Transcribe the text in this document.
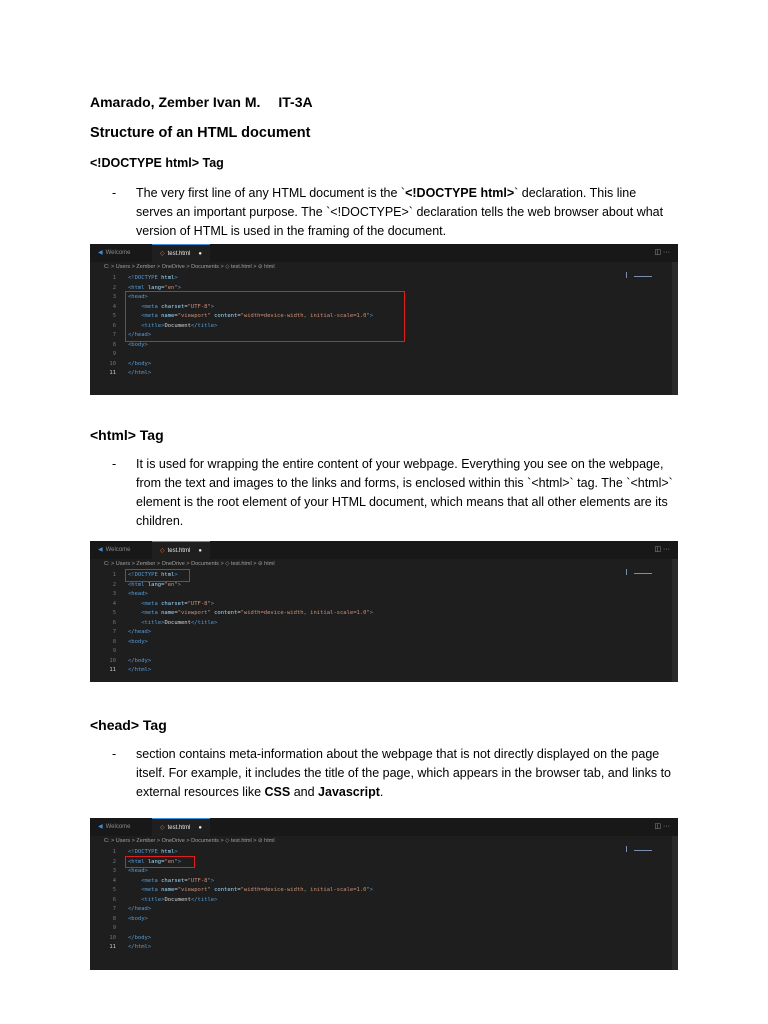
Amarado, Zember Ivan M. IT-3A
Structure of an HTML document
<!DOCTYPE html> Tag
- The very first line of any HTML document is the `<!DOCTYPE html>` declaration. This line serves an important purpose. The `<!DOCTYPE>` declaration tells the web browser about what version of HTML is used in the framing of the document.
◀ Welcome	◇ test.html ●	◫ ···
C: > Users > Zember > OneDrive > Documents > ◇ test.html > ⊘ html
1 <!DOCTYPE html>
2 <html lang="en">
3 <head>
4	<meta charset="UTF-8">
5	<meta name="viewport" content="width=device-width, initial-scale=1.0">
6	<title>Document</title>
7 </head>
8 <body>
9
10 </body>
11 </html>
<html> Tag
- It is used for wrapping the entire content of your webpage. Everything you see on the webpage, from the text and images to the links and forms, is enclosed within this `<html>` tag. The `<html>` element is the root element of your HTML document, which means that all other elements are its children.
◀ Welcome	◇ test.html ●	◫ ···
C: > Users > Zember > OneDrive > Documents > ◇ test.html > ⊘ html
1 <!DOCTYPE html>
2 <html lang="en">
3 <head>
4	<meta charset="UTF-8">
5	<meta name="viewport" content="width=device-width, initial-scale=1.0">
6	<title>Document</title>
7 </head>
8 <body>
9
10 </body>
11 </html>
<head> Tag
- section contains meta-information about the webpage that is not directly displayed on the page itself. For example, it includes the title of the page, which appears in the browser tab, and links to external resources like CSS and Javascript.
◀ Welcome	◇ test.html ●	◫ ···
C: > Users > Zember > OneDrive > Documents > ◇ test.html > ⊘ html
1 <!DOCTYPE html>
2 <html lang="en">
3 <head>
4	<meta charset="UTF-8">
5	<meta name="viewport" content="width=device-width, initial-scale=1.0">
6	<title>Document</title>
7 </head>
8 <body>
9
10 </body>
11 </html>
